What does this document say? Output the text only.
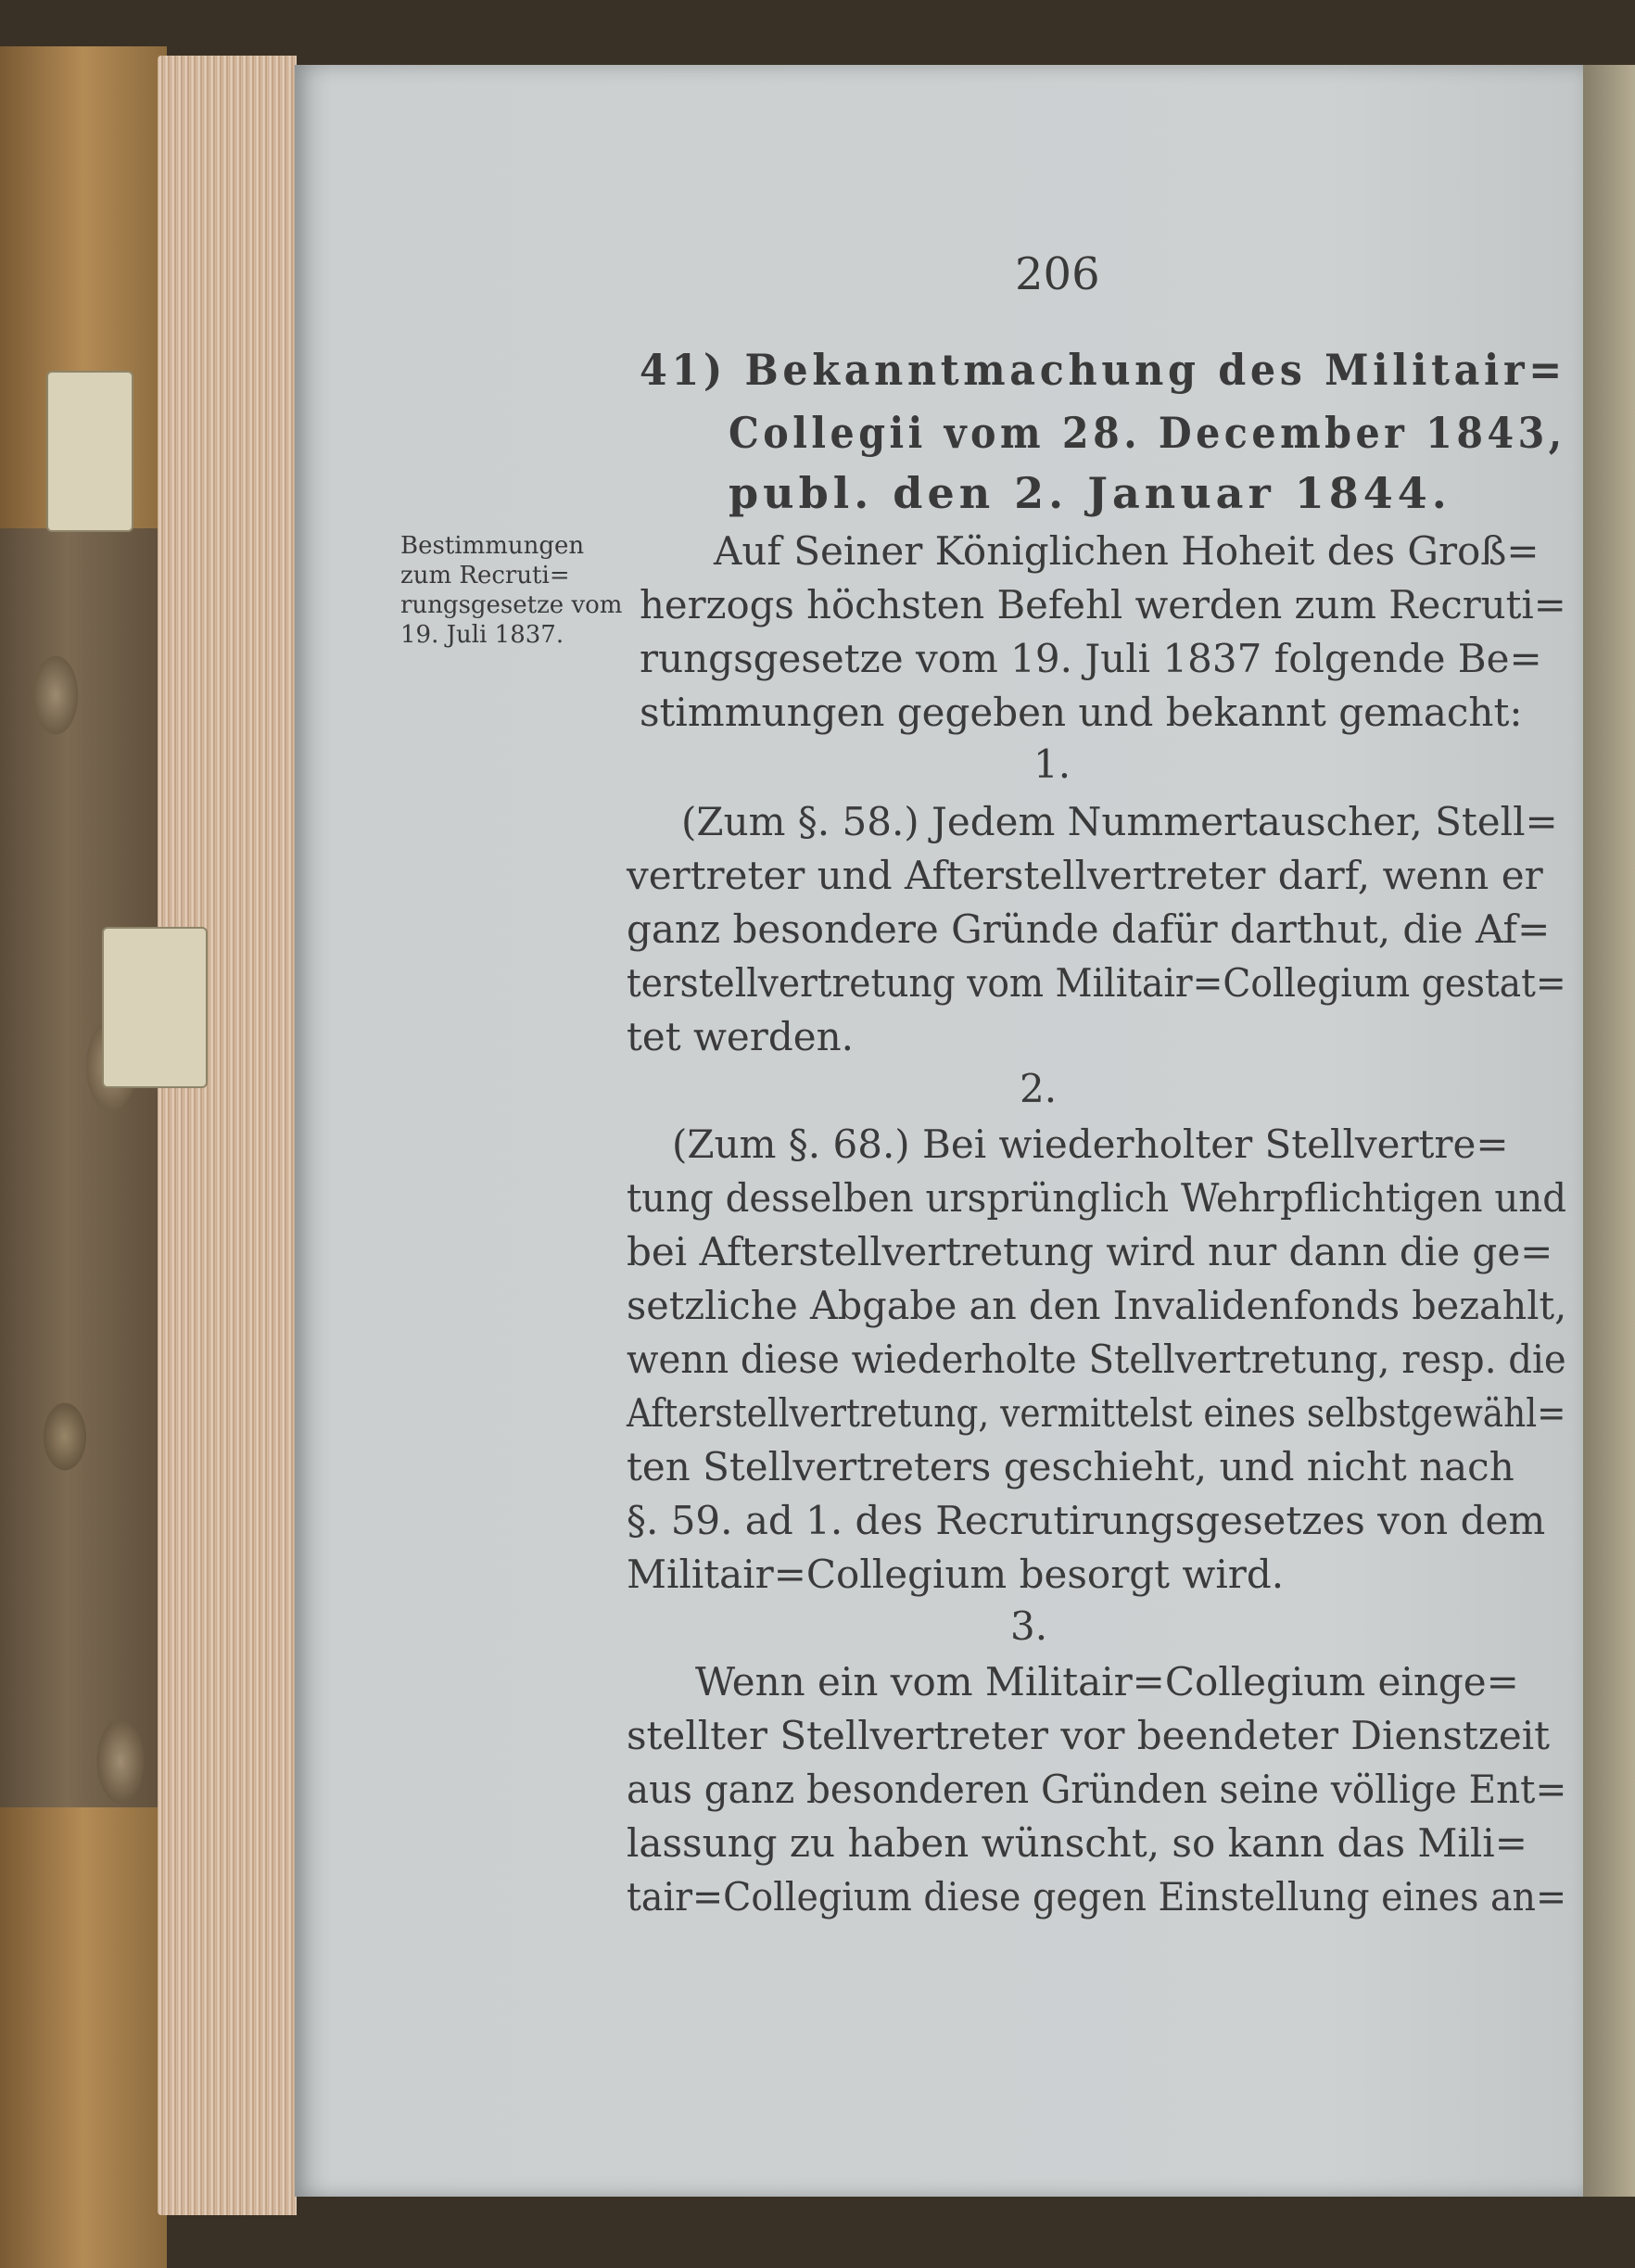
206
41) Bekanntmachung des Militair=
Collegii vom 28. December 1843,
publ. den 2. Januar 1844.
Bestimmungen
zum Recruti=
rungsgesetze vom
19. Juli 1837.
Auf Seiner Königlichen Hoheit des Groß=
herzogs höchsten Befehl werden zum Recruti=
rungsgesetze vom 19. Juli 1837 folgende Be=
stimmungen gegeben und bekannt gemacht:
1.
(Zum §. 58.) Jedem Nummertauscher, Stell=
vertreter und Afterstellvertreter darf, wenn er
ganz besondere Gründe dafür darthut, die Af=
terstellvertretung vom Militair=Collegium gestat=
tet werden.
2.
(Zum §. 68.) Bei wiederholter Stellvertre=
tung desselben ursprünglich Wehrpflichtigen und
bei Afterstellvertretung wird nur dann die ge=
setzliche Abgabe an den Invalidenfonds bezahlt,
wenn diese wiederholte Stellvertretung, resp. die
Afterstellvertretung, vermittelst eines selbstgewähl=
ten Stellvertreters geschieht, und nicht nach
§. 59. ad 1. des Recrutirungsgesetzes von dem
Militair=Collegium besorgt wird.
3.
Wenn ein vom Militair=Collegium einge=
stellter Stellvertreter vor beendeter Dienstzeit
aus ganz besonderen Gründen seine völlige Ent=
lassung zu haben wünscht, so kann das Mili=
tair=Collegium diese gegen Einstellung eines an=
